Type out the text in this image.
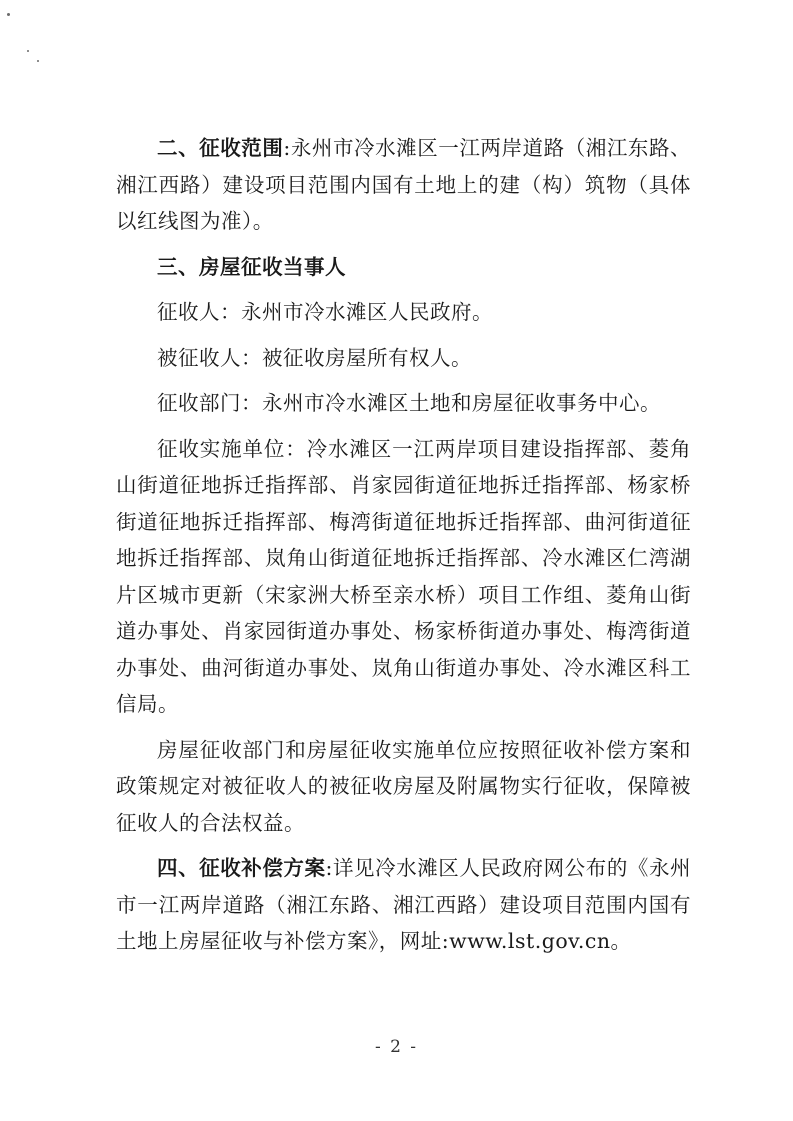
二、征收范围:永州市冷水滩区一江两岸道路（湘江东路、湘江西路）建设项目范围内国有土地上的建（构）筑物（具体以红线图为准）。

三、房屋征收当事人

征收人：永州市冷水滩区人民政府。

被征收人：被征收房屋所有权人。

征收部门：永州市冷水滩区土地和房屋征收事务中心。

征收实施单位：冷水滩区一江两岸项目建设指挥部、菱角山街道征地拆迁指挥部、肖家园街道征地拆迁指挥部、杨家桥街道征地拆迁指挥部、梅湾街道征地拆迁指挥部、曲河街道征地拆迁指挥部、岚角山街道征地拆迁指挥部、冷水滩区仁湾湖片区城市更新（宋家洲大桥至亲水桥）项目工作组、菱角山街道办事处、肖家园街道办事处、杨家桥街道办事处、梅湾街道办事处、曲河街道办事处、岚角山街道办事处、冷水滩区科工信局。

房屋征收部门和房屋征收实施单位应按照征收补偿方案和政策规定对被征收人的被征收房屋及附属物实行征收，保障被征收人的合法权益。

四、征收补偿方案:详见冷水滩区人民政府网公布的《永州市一江两岸道路（湘江东路、湘江西路）建设项目范围内国有土地上房屋征收与补偿方案》，网址:www.lst.gov.cn。

- 2 -
